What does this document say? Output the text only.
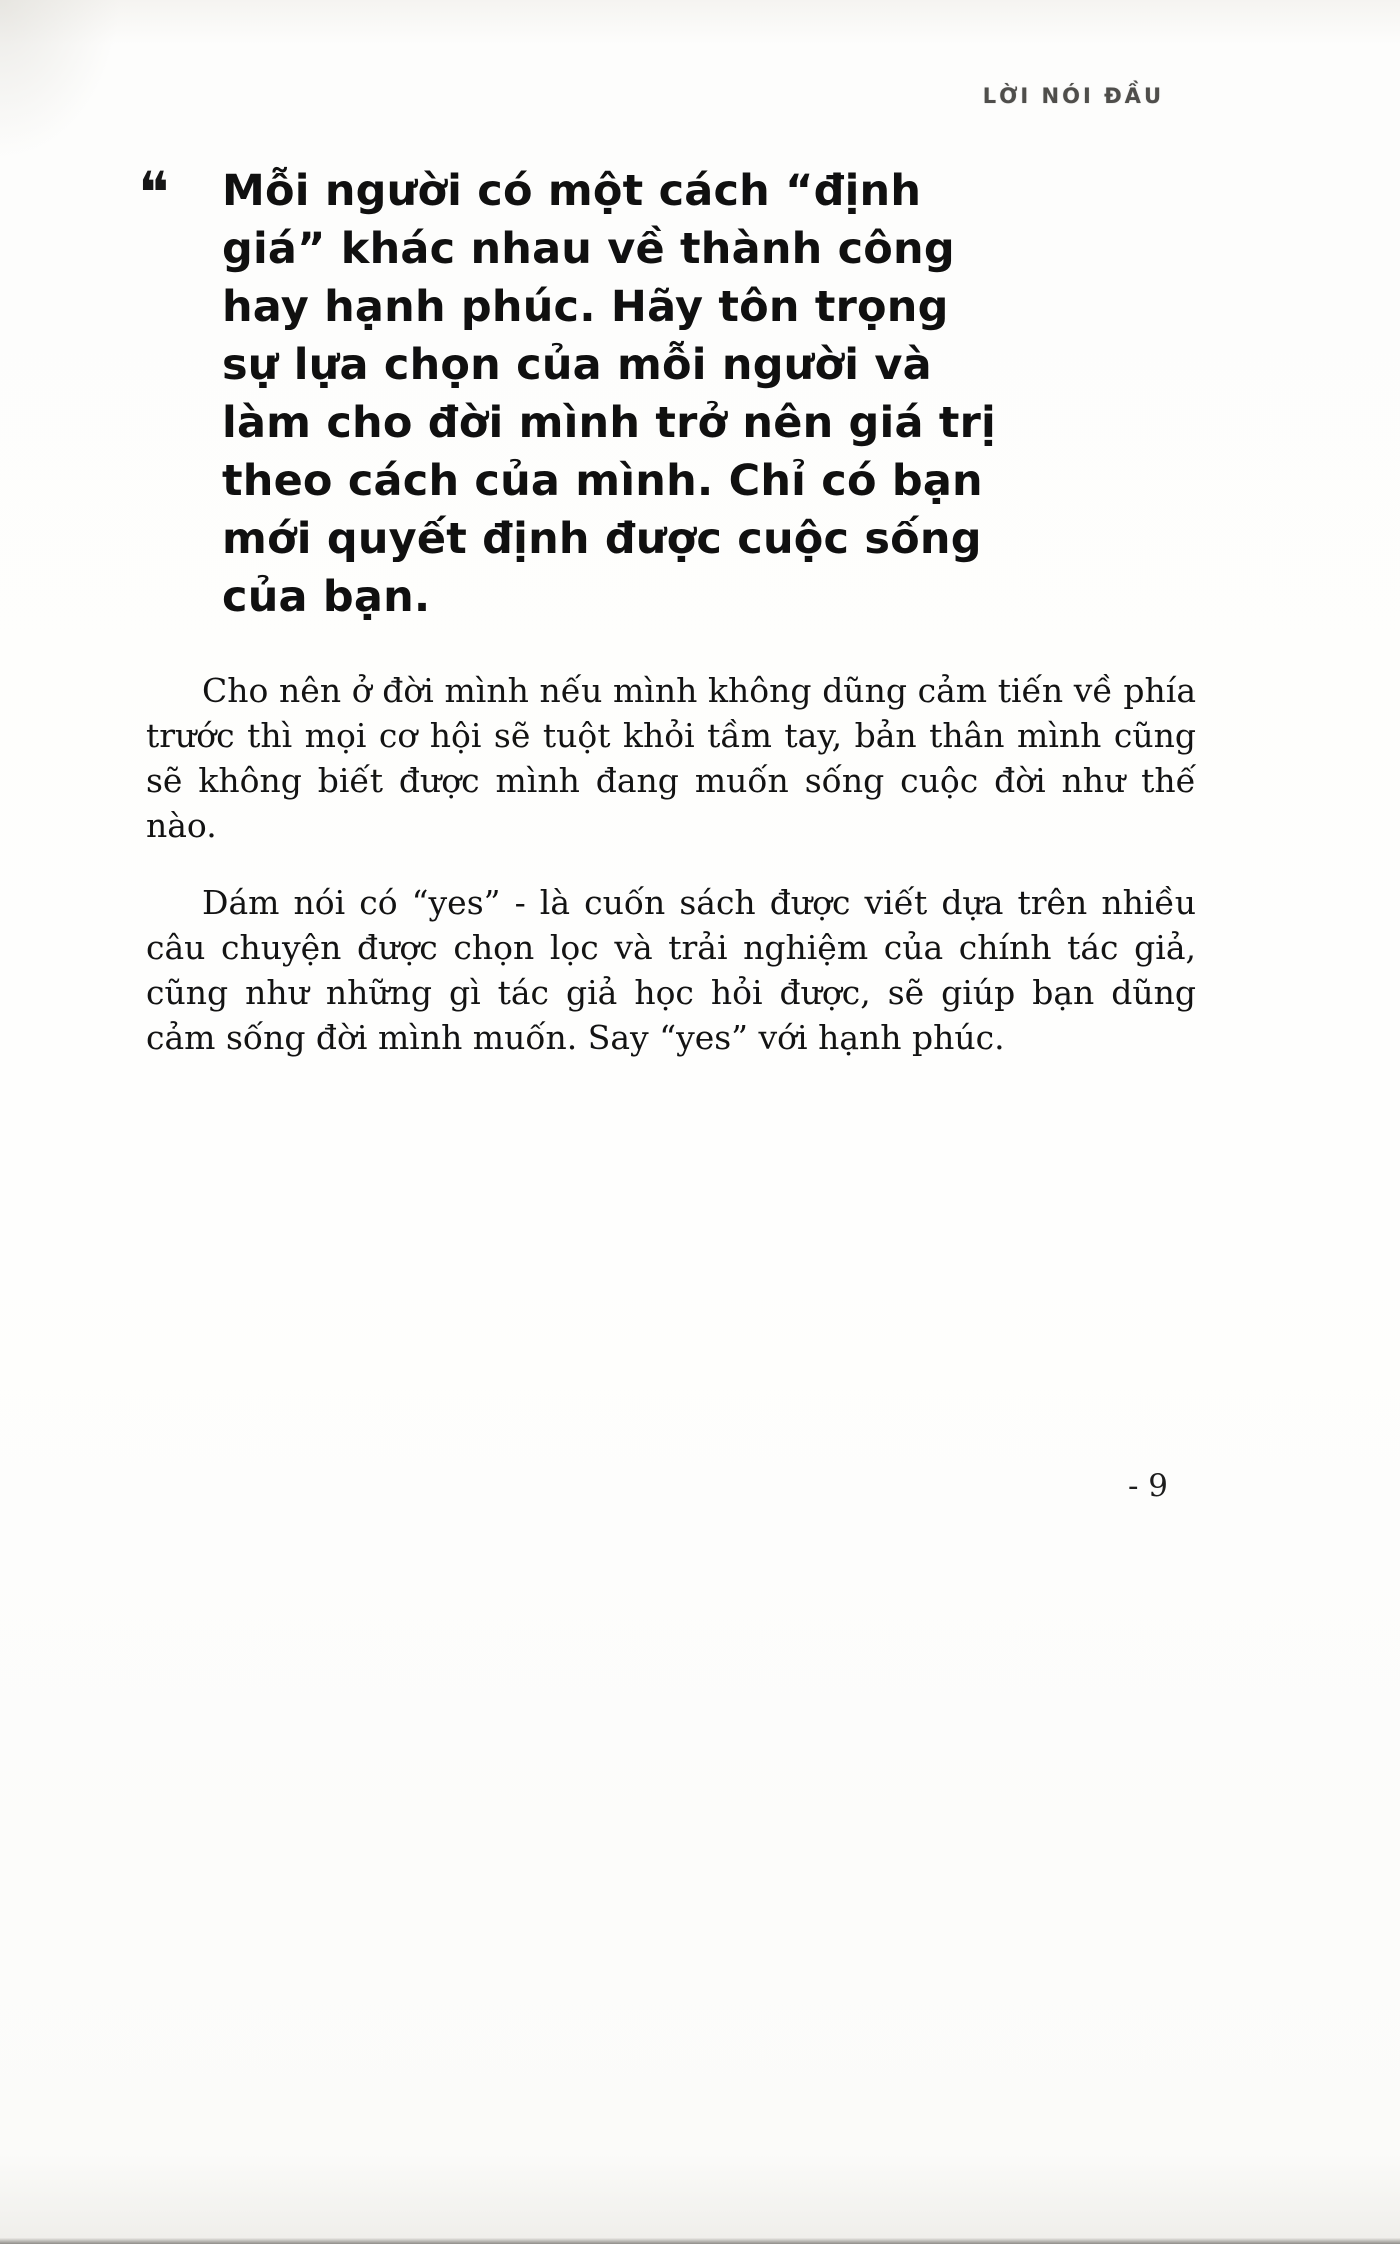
LỜI NÓI ĐẦU
❝ Mỗi người có một cách “định
giá” khác nhau về thành công
hay hạnh phúc. Hãy tôn trọng
sự lựa chọn của mỗi người và
làm cho đời mình trở nên giá trị
theo cách của mình. Chỉ có bạn
mới quyết định được cuộc sống
của bạn.

Cho nên ở đời mình nếu mình không dũng cảm tiến về phía trước thì mọi cơ hội sẽ tuột khỏi tầm tay, bản thân mình cũng sẽ không biết được mình đang muốn sống cuộc đời như thế nào.

Dám nói có “yes” - là cuốn sách được viết dựa trên nhiều câu chuyện được chọn lọc và trải nghiệm của chính tác giả, cũng như những gì tác giả học hỏi được, sẽ giúp bạn dũng cảm sống đời mình muốn. Say “yes” với hạnh phúc.

- 9
